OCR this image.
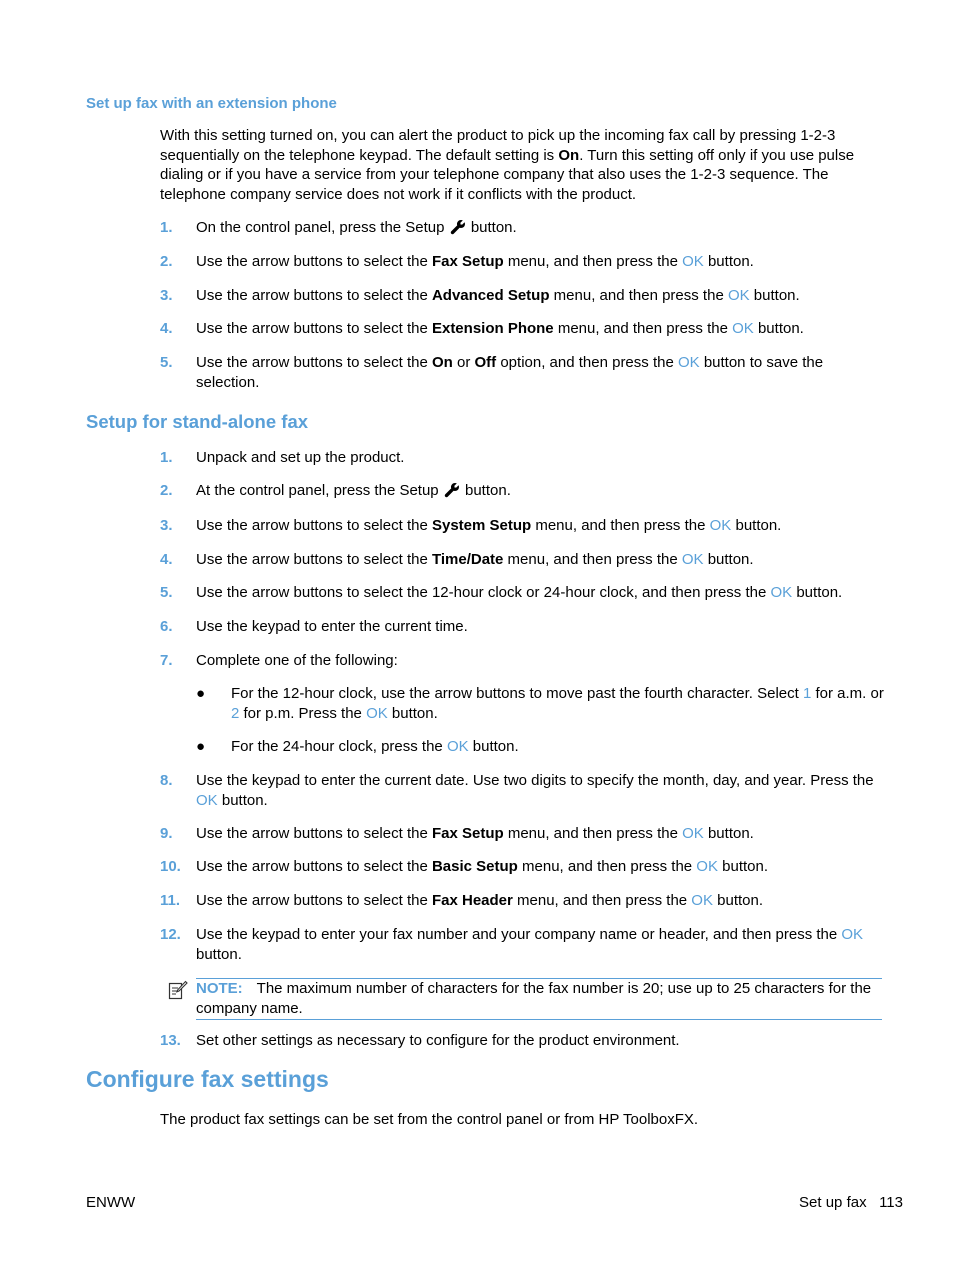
Set up fax with an extension phone

With this setting turned on, you can alert the product to pick up the incoming fax call by pressing 1-2-3 sequentially on the telephone keypad. The default setting is On. Turn this setting off only if you use pulse dialing or if you have a service from your telephone company that also uses the 1-2-3 sequence. The telephone company service does not work if it conflicts with the product.

1. On the control panel, press the Setup  button.
2. Use the arrow buttons to select the Fax Setup menu, and then press the OK button.
3. Use the arrow buttons to select the Advanced Setup menu, and then press the OK button.
4. Use the arrow buttons to select the Extension Phone menu, and then press the OK button.
5. Use the arrow buttons to select the On or Off option, and then press the OK button to save the selection.
Setup for stand-alone fax
1. Unpack and set up the product.
2. At the control panel, press the Setup  button.
3. Use the arrow buttons to select the System Setup menu, and then press the OK button.
4. Use the arrow buttons to select the Time/Date menu, and then press the OK button.
5. Use the arrow buttons to select the 12-hour clock or 24-hour clock, and then press the OK button.
6. Use the keypad to enter the current time.
7. Complete one of the following:
● For the 12-hour clock, use the arrow buttons to move past the fourth character. Select 1 for a.m. or 2 for p.m. Press the OK button.
● For the 24-hour clock, press the OK button.
8. Use the keypad to enter the current date. Use two digits to specify the month, day, and year. Press the OK button.
9. Use the arrow buttons to select the Fax Setup menu, and then press the OK button.
10. Use the arrow buttons to select the Basic Setup menu, and then press the OK button.
11. Use the arrow buttons to select the Fax Header menu, and then press the OK button.
12. Use the keypad to enter your fax number and your company name or header, and then press the OK button.
NOTE: The maximum number of characters for the fax number is 20; use up to 25 characters for the company name.
13. Set other settings as necessary to configure for the product environment.
Configure fax settings

The product fax settings can be set from the control panel or from HP ToolboxFX.

ENWW	Set up fax   113
